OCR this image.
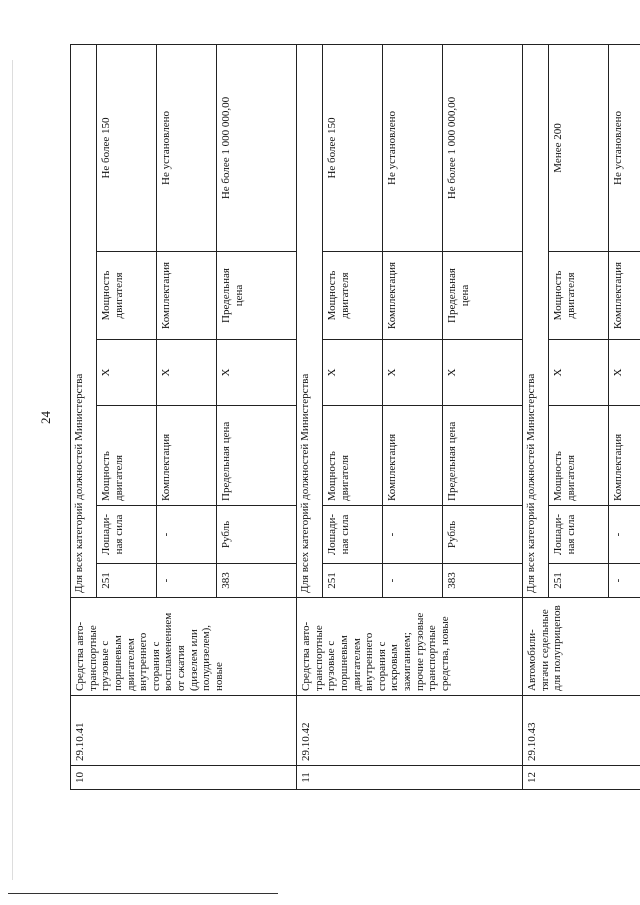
24
10	29.10.41	Средства авто-транспортные грузовые с поршневым двигателем внутреннего сгорания с воспламенением от сжатия (дизелем или полудизелем), новые	Для всех категорий должностей Министерства					
			251	Лошади-ная сила	Мощность двигателя	X	Мощность двигателя	Не более 150
			-	-	Комплектация	X	Комплектация	Не установлено
			383	Рубль	Предельная цена	X	Предельная цена	Не более 1 000 000,00
11	29.10.42	Средства авто-транспортные грузовые с поршневым двигателем внутреннего сгорания с искровым зажиганием; прочие грузовые транспортные средства, новые	Для всех категорий должностей Министерства					
			251	Лошади-ная сила	Мощность двигателя	X	Мощность двигателя	Не более 150
			-	-	Комплектация	X	Комплектация	Не установлено
			383	Рубль	Предельная цена	X	Предельная цена	Не более 1 000 000,00
12	29.10.43	Автомобили-тягачи седельные для полуприцепов	Для всех категорий должностей Министерства					
			251	Лошади-ная сила	Мощность двигателя	X	Мощность двигателя	Менее 200
			-	-	Комплектация	X	Комплектация	Не установлено
